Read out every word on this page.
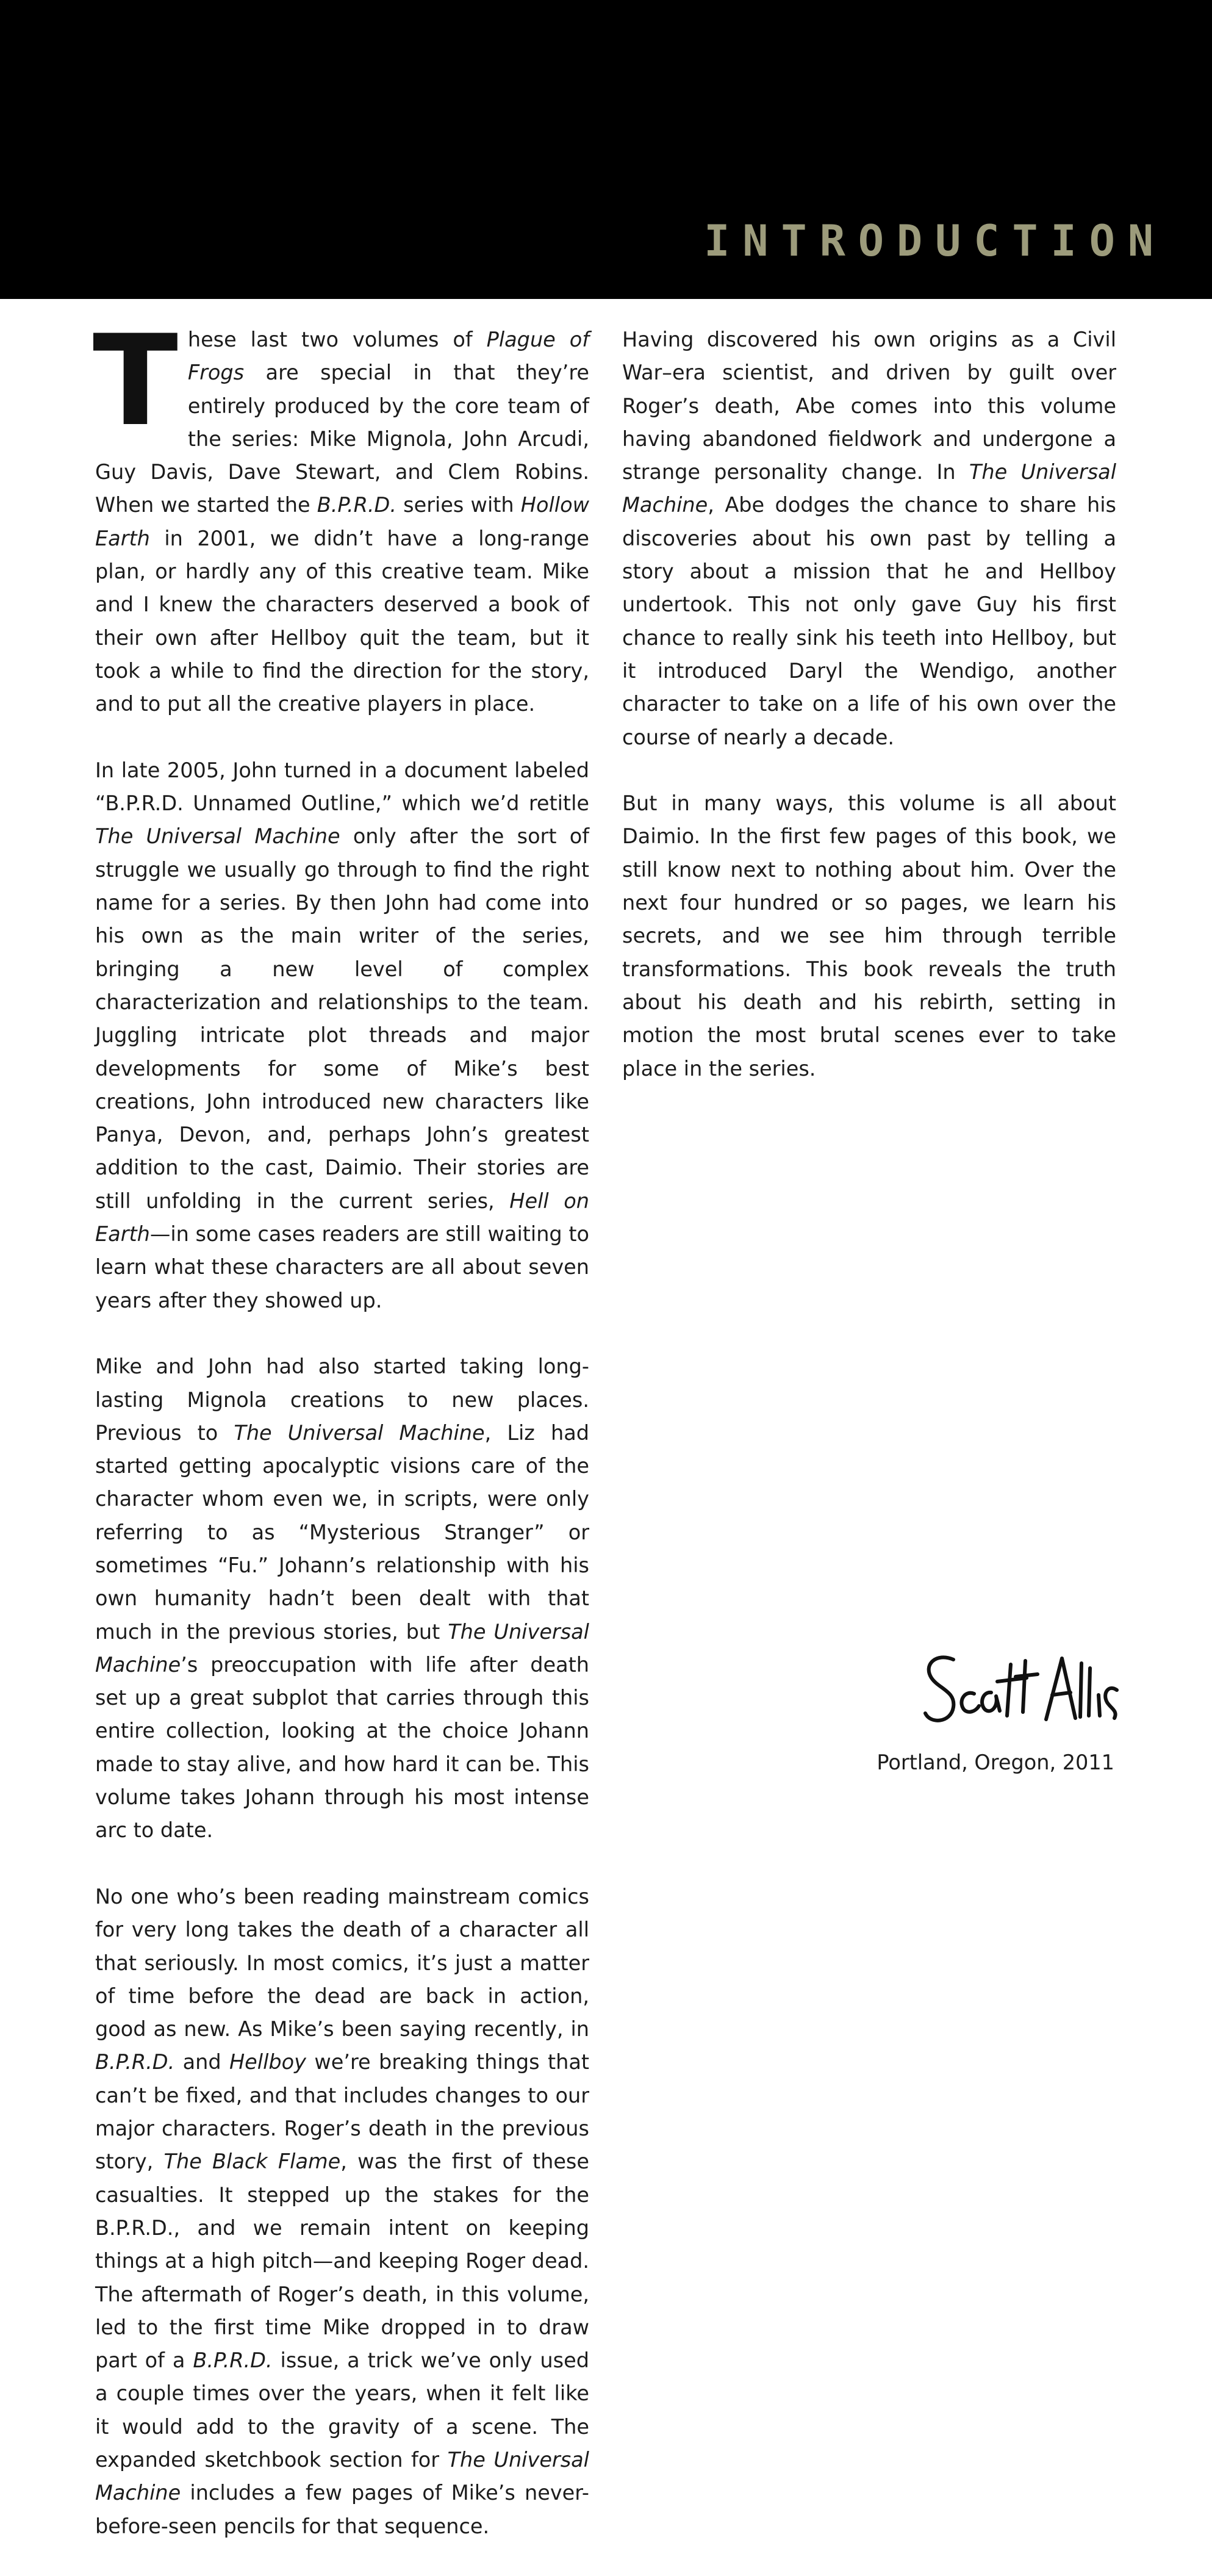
INTRODUCTION

These last two volumes of Plague of Frogs are special in that they’re entirely produced by the core team of the series: Mike Mignola, John Arcudi, Guy Davis, Dave Stewart, and Clem Robins. When we started the B.P.R.D. series with Hollow Earth in 2001, we didn’t have a long-range plan, or hardly any of this creative team. Mike and I knew the characters deserved a book of their own after Hellboy quit the team, but it took a while to find the direction for the story, and to put all the creative players in place.

In late 2005, John turned in a document labeled “B.P.R.D. Unnamed Outline,” which we’d retitle The Universal Machine only after the sort of struggle we usually go through to find the right name for a series. By then John had come into his own as the main writer of the series, bringing a new level of complex characterization and relationships to the team. Juggling intricate plot threads and major developments for some of Mike’s best creations, John introduced new characters like Panya, Devon, and, perhaps John’s greatest addition to the cast, Daimio. Their stories are still unfolding in the current series, Hell on Earth—in some cases readers are still waiting to learn what these characters are all about seven years after they showed up.

Mike and John had also started taking long-lasting Mignola creations to new places. Previous to The Universal Machine, Liz had started getting apocalyptic visions care of the character whom even we, in scripts, were only referring to as “Mysterious Stranger” or sometimes “Fu.” Johann’s relationship with his own humanity hadn’t been dealt with that much in the previous stories, but The Universal Machine’s preoccupation with life after death set up a great subplot that carries through this entire collection, looking at the choice Johann made to stay alive, and how hard it can be. This volume takes Johann through his most intense arc to date.

No one who’s been reading mainstream comics for very long takes the death of a character all that seriously. In most comics, it’s just a matter of time before the dead are back in action, good as new. As Mike’s been saying recently, in B.P.R.D. and Hellboy we’re breaking things that can’t be fixed, and that includes changes to our major characters. Roger’s death in the previous story, The Black Flame, was the first of these casualties. It stepped up the stakes for the B.P.R.D., and we remain intent on keeping things at a high pitch—and keeping Roger dead. The aftermath of Roger’s death, in this volume, led to the first time Mike dropped in to draw part of a B.P.R.D. issue, a trick we’ve only used a couple times over the years, when it felt like it would add to the gravity of a scene. The expanded sketchbook section for The Universal Machine includes a few pages of Mike’s never-before-seen pencils for that sequence.

Having discovered his own origins as a Civil War–era scientist, and driven by guilt over Roger’s death, Abe comes into this volume having abandoned fieldwork and undergone a strange personality change. In The Universal Machine, Abe dodges the chance to share his discoveries about his own past by telling a story about a mission that he and Hellboy undertook. This not only gave Guy his first chance to really sink his teeth into Hellboy, but it introduced Daryl the Wendigo, another character to take on a life of his own over the course of nearly a decade.

But in many ways, this volume is all about Daimio. In the first few pages of this book, we still know next to nothing about him. Over the next four hundred or so pages, we learn his secrets, and we see him through terrible transformations. This book reveals the truth about his death and his rebirth, setting in motion the most brutal scenes ever to take place in the series.

Portland, Oregon, 2011
